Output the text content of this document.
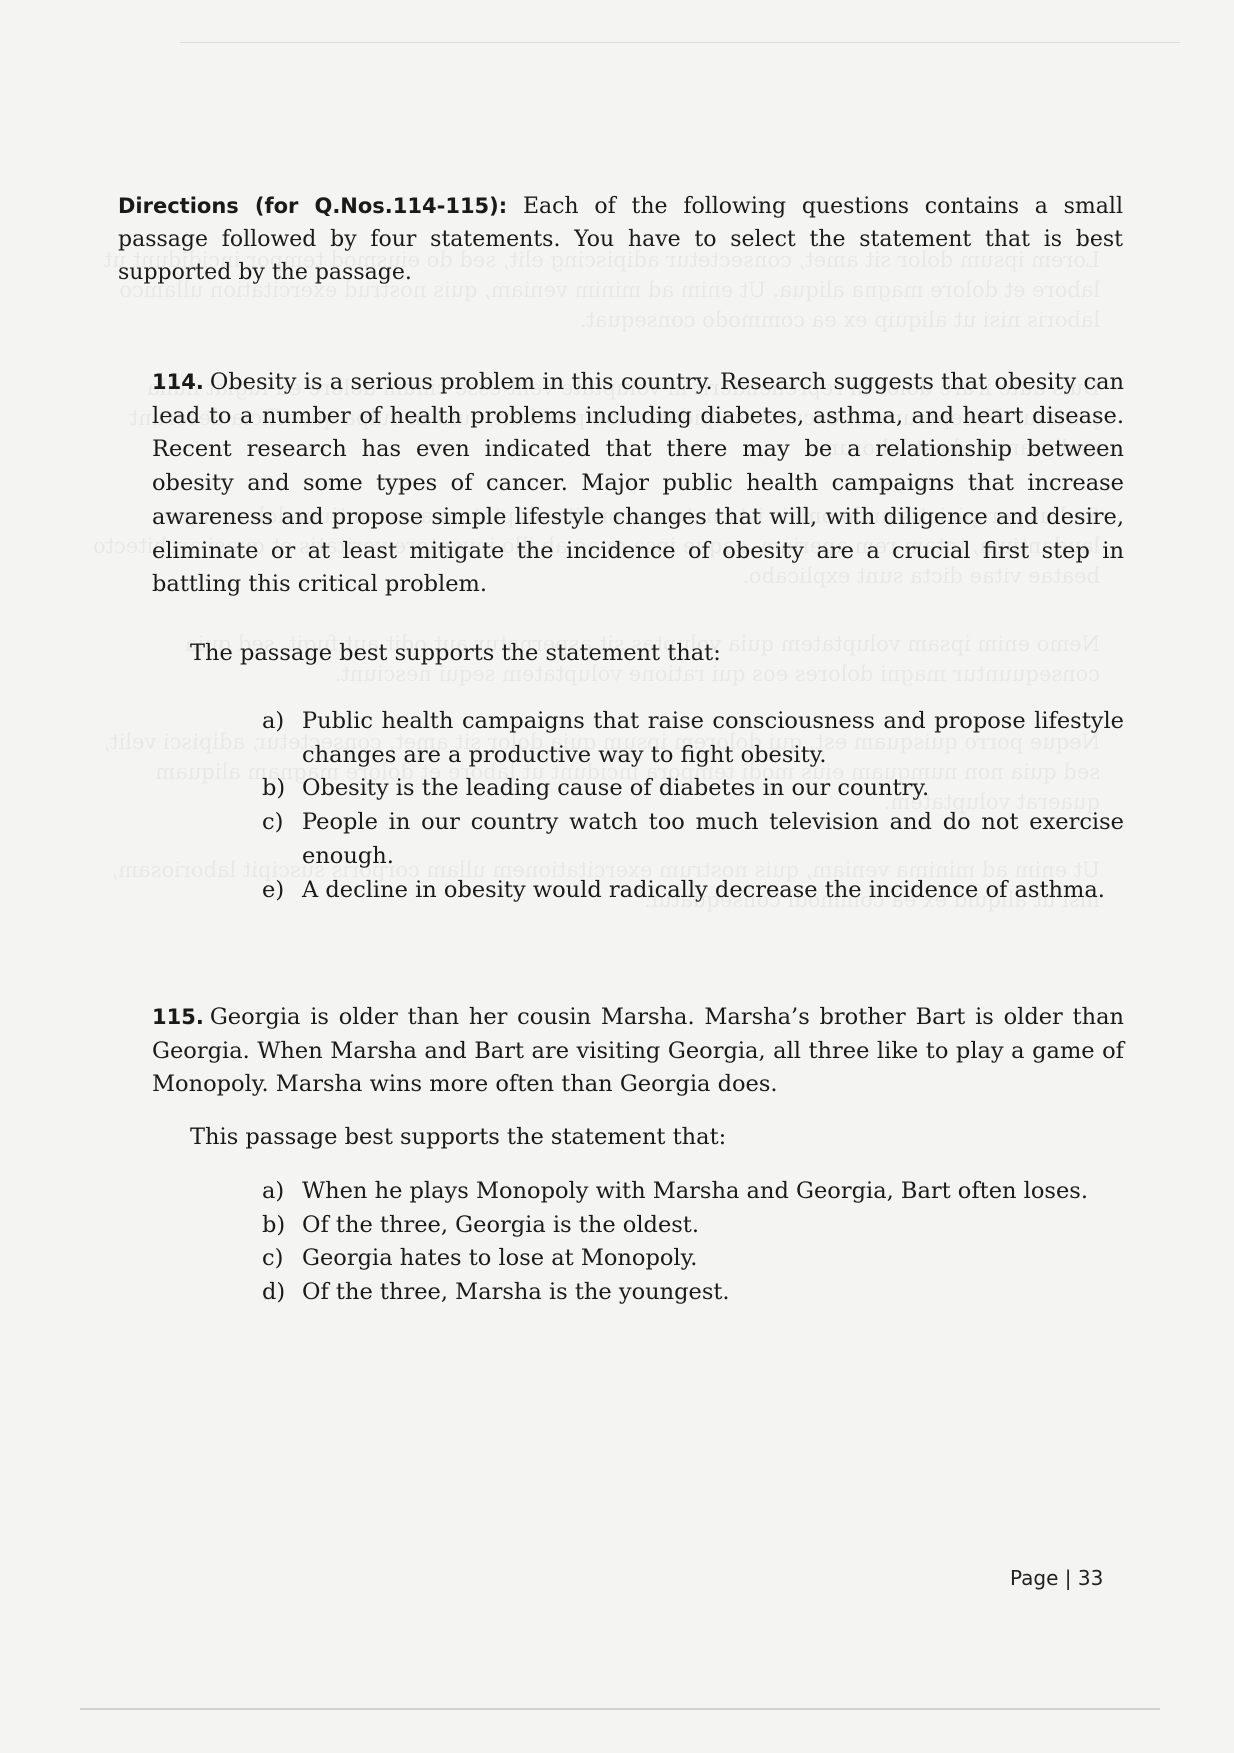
Directions (for Q.Nos.114-115): Each of the following questions contains a small passage followed by four statements. You have to select the statement that is best supported by the passage.
114. Obesity is a serious problem in this country. Research suggests that obesity can lead to a number of health problems including diabetes, asthma, and heart disease. Recent research has even indicated that there may be a relationship between obesity and some types of cancer. Major public health campaigns that increase awareness and propose simple lifestyle changes that will, with diligence and desire, eliminate or at least mitigate the incidence of obesity are a crucial first step in battling this critical problem.
The passage best supports the statement that:
a) Public health campaigns that raise consciousness and propose lifestyle changes are a productive way to fight obesity.
b) Obesity is the leading cause of diabetes in our country.
c) People in our country watch too much television and do not exercise enough.
e) A decline in obesity would radically decrease the incidence of asthma.
115. Georgia is older than her cousin Marsha. Marsha’s brother Bart is older than Georgia. When Marsha and Bart are visiting Georgia, all three like to play a game of Monopoly. Marsha wins more often than Georgia does.
This passage best supports the statement that:
a) When he plays Monopoly with Marsha and Georgia, Bart often loses.
b) Of the three, Georgia is the oldest.
c) Georgia hates to lose at Monopoly.
d) Of the three, Marsha is the youngest.
Page | 33
